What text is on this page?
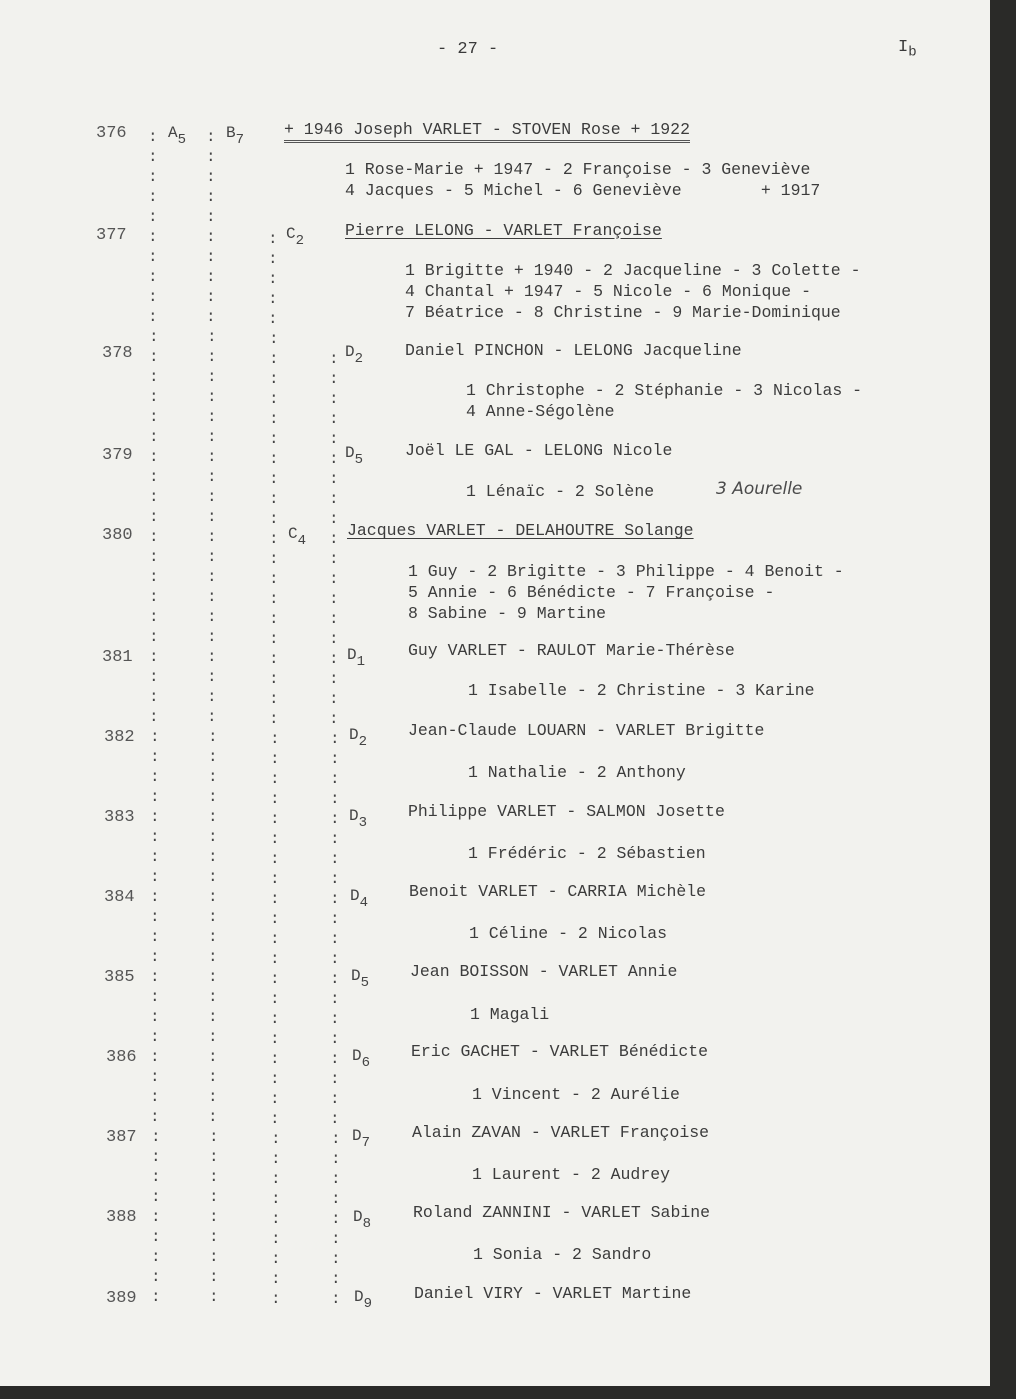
- 27 -	$I_b$
:
:
:
:
:
:
:
:
:
:
:
:
:
:
:
:
:
:
:
:
:
:
:
:
:
:
:
:
:
:
:
:
:
:
:
:
:
:
:
:
:
:
:
:
:
:
:
:
:
:
:
:
:
:
:
:
:
:
:
:
:
:
:
:
:
:
:
:
:
:
:
:
:
:
:
:
:
:
:
:
:
:
:
:
:
:
:
:
:
:
:
:
:
:
:
:
:
:
:
:
:
:
:
:
:
:
:
:
:
:
:
:
:
:
:
:
:
:
:
:
:
:
:
:
:
:
:
:
:
:
:
:
:
:
:
:
:
:
:
:
:
:
:
:
:
:
:
:
:
:
:
:
:
:
:
:
:
:
:
:
:
:
:
:
:
:
:
:
:
:
:
:
:
:
:
:
:
:
:
:
:
:
:
:
:
:
:
:
:
:
:
:
:
:
:
:
:
:
:
:
:
:
:
:
:
:
:
:
:
:
:
:
:
:
:
:
:
:
:
:
376	$A_5$ $B_7$
+ 1946 Joseph VARLET - STOVEN Rose + 1922
1 Rose-Marie + 1947 - 2 Françoise - 3 Geneviève
4 Jacques - 5 Michel - 6 Geneviève        + 1917
377	$C_2$
Pierre LELONG - VARLET Françoise
1 Brigitte + 1940 - 2 Jacqueline - 3 Colette -
4 Chantal + 1947 - 5 Nicole - 6 Monique -
7 Béatrice - 8 Christine - 9 Marie-Dominique
378	$D_2$	Daniel PINCHON - LELONG Jacqueline
1 Christophe - 2 Stéphanie - 3 Nicolas -
4 Anne-Ségolène
379	$D_5$	Joël LE GAL - LELONG Nicole
1 Lénaïc - 2 Solène	3 Aourelle
380	$C_4$
Jacques VARLET - DELAHOUTRE Solange
1 Guy - 2 Brigitte - 3 Philippe - 4 Benoit -
5 Annie - 6 Bénédicte - 7 Françoise -
8 Sabine - 9 Martine
381	$D_1$
Guy VARLET - RAULOT Marie-Thérèse
1 Isabelle - 2 Christine - 3 Karine
382	$D_2$
Jean-Claude LOUARN - VARLET Brigitte
1 Nathalie - 2 Anthony
383	$D_3$
Philippe VARLET - SALMON Josette
1 Frédéric - 2 Sébastien
384	$D_4$
Benoit VARLET - CARRIA Michèle
1 Céline - 2 Nicolas
385	$D_5$
Jean BOISSON - VARLET Annie
1 Magali
386	$D_6$
Eric GACHET - VARLET Bénédicte
1 Vincent - 2 Aurélie
387	$D_7$
Alain ZAVAN - VARLET Françoise
1 Laurent - 2 Audrey
388	$D_8$
Roland ZANNINI - VARLET Sabine
1 Sonia - 2 Sandro
389	$D_9$
Daniel VIRY - VARLET Martine
